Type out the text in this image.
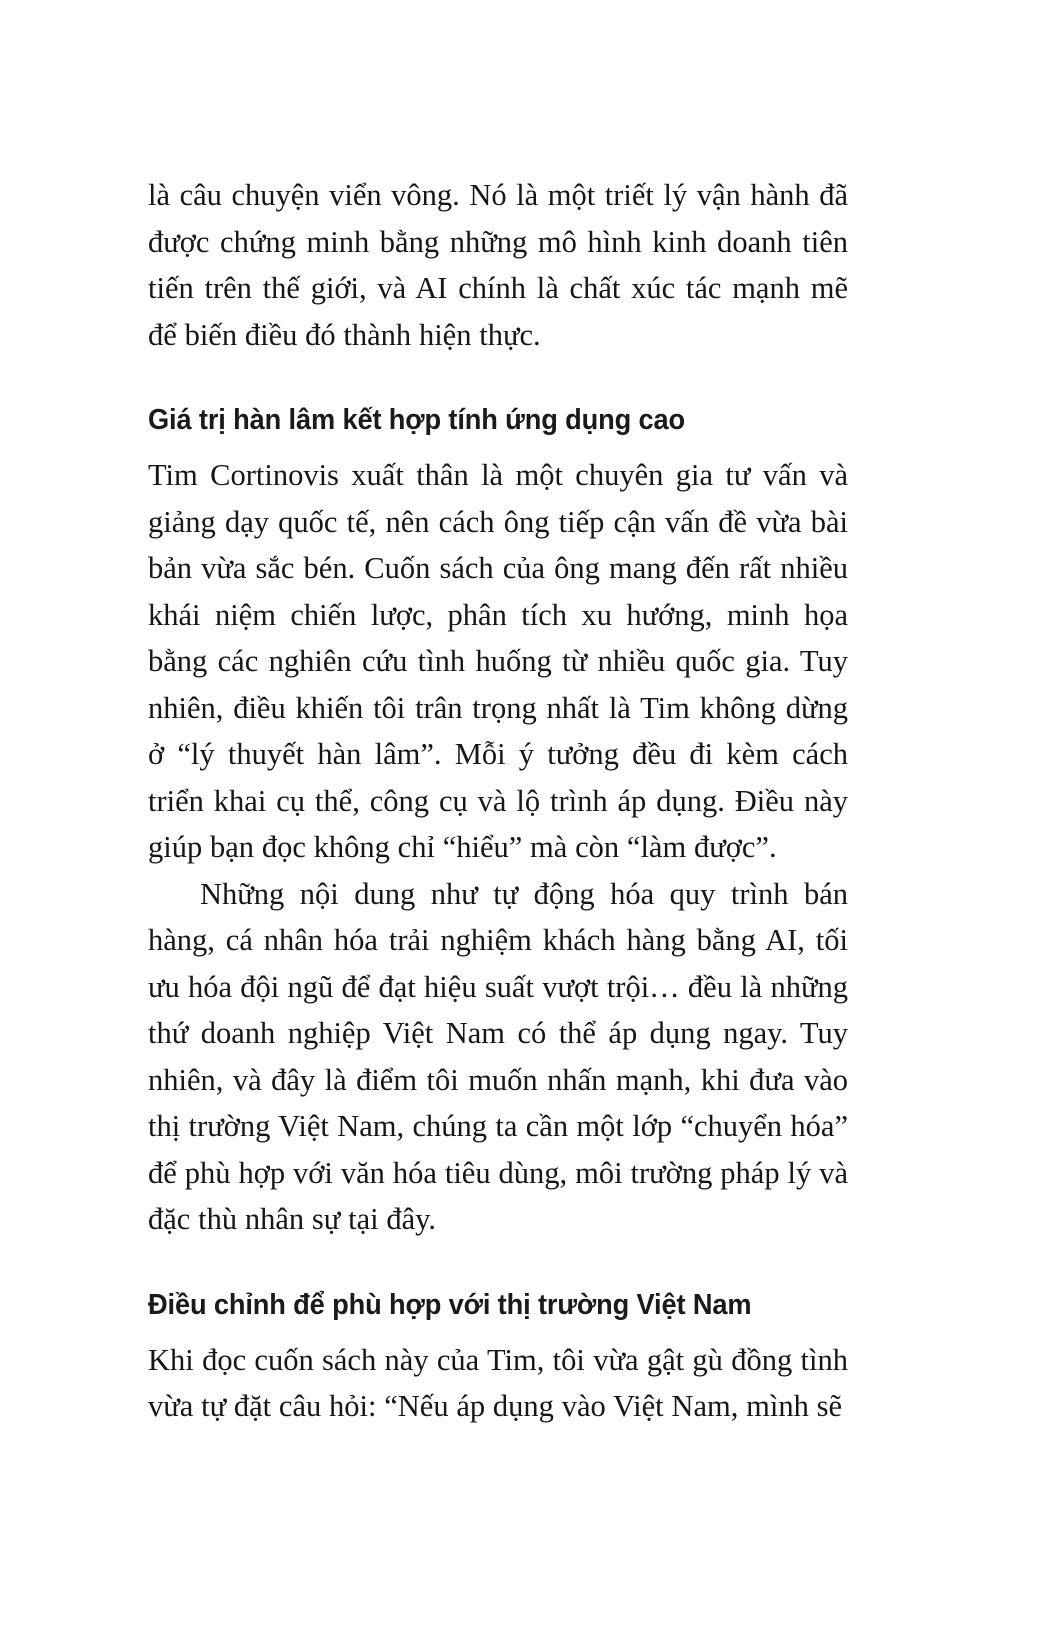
là câu chuyện viển vông. Nó là một triết lý vận hành đã được chứng minh bằng những mô hình kinh doanh tiên tiến trên thế giới, và AI chính là chất xúc tác mạnh mẽ để biến điều đó thành hiện thực.

Giá trị hàn lâm kết hợp tính ứng dụng cao

Tim Cortinovis xuất thân là một chuyên gia tư vấn và giảng dạy quốc tế, nên cách ông tiếp cận vấn đề vừa bài bản vừa sắc bén. Cuốn sách của ông mang đến rất nhiều khái niệm chiến lược, phân tích xu hướng, minh họa bằng các nghiên cứu tình huống từ nhiều quốc gia. Tuy nhiên, điều khiến tôi trân trọng nhất là Tim không dừng ở “lý thuyết hàn lâm”. Mỗi ý tưởng đều đi kèm cách triển khai cụ thể, công cụ và lộ trình áp dụng. Điều này giúp bạn đọc không chỉ “hiểu” mà còn “làm được”.

Những nội dung như tự động hóa quy trình bán hàng, cá nhân hóa trải nghiệm khách hàng bằng AI, tối ưu hóa đội ngũ để đạt hiệu suất vượt trội… đều là những thứ doanh nghiệp Việt Nam có thể áp dụng ngay. Tuy nhiên, và đây là điểm tôi muốn nhấn mạnh, khi đưa vào thị trường Việt Nam, chúng ta cần một lớp “chuyển hóa” để phù hợp với văn hóa tiêu dùng, môi trường pháp lý và đặc thù nhân sự tại đây.

Điều chỉnh để phù hợp với thị trường Việt Nam

Khi đọc cuốn sách này của Tim, tôi vừa gật gù đồng tình vừa tự đặt câu hỏi: “Nếu áp dụng vào Việt Nam, mình sẽ
